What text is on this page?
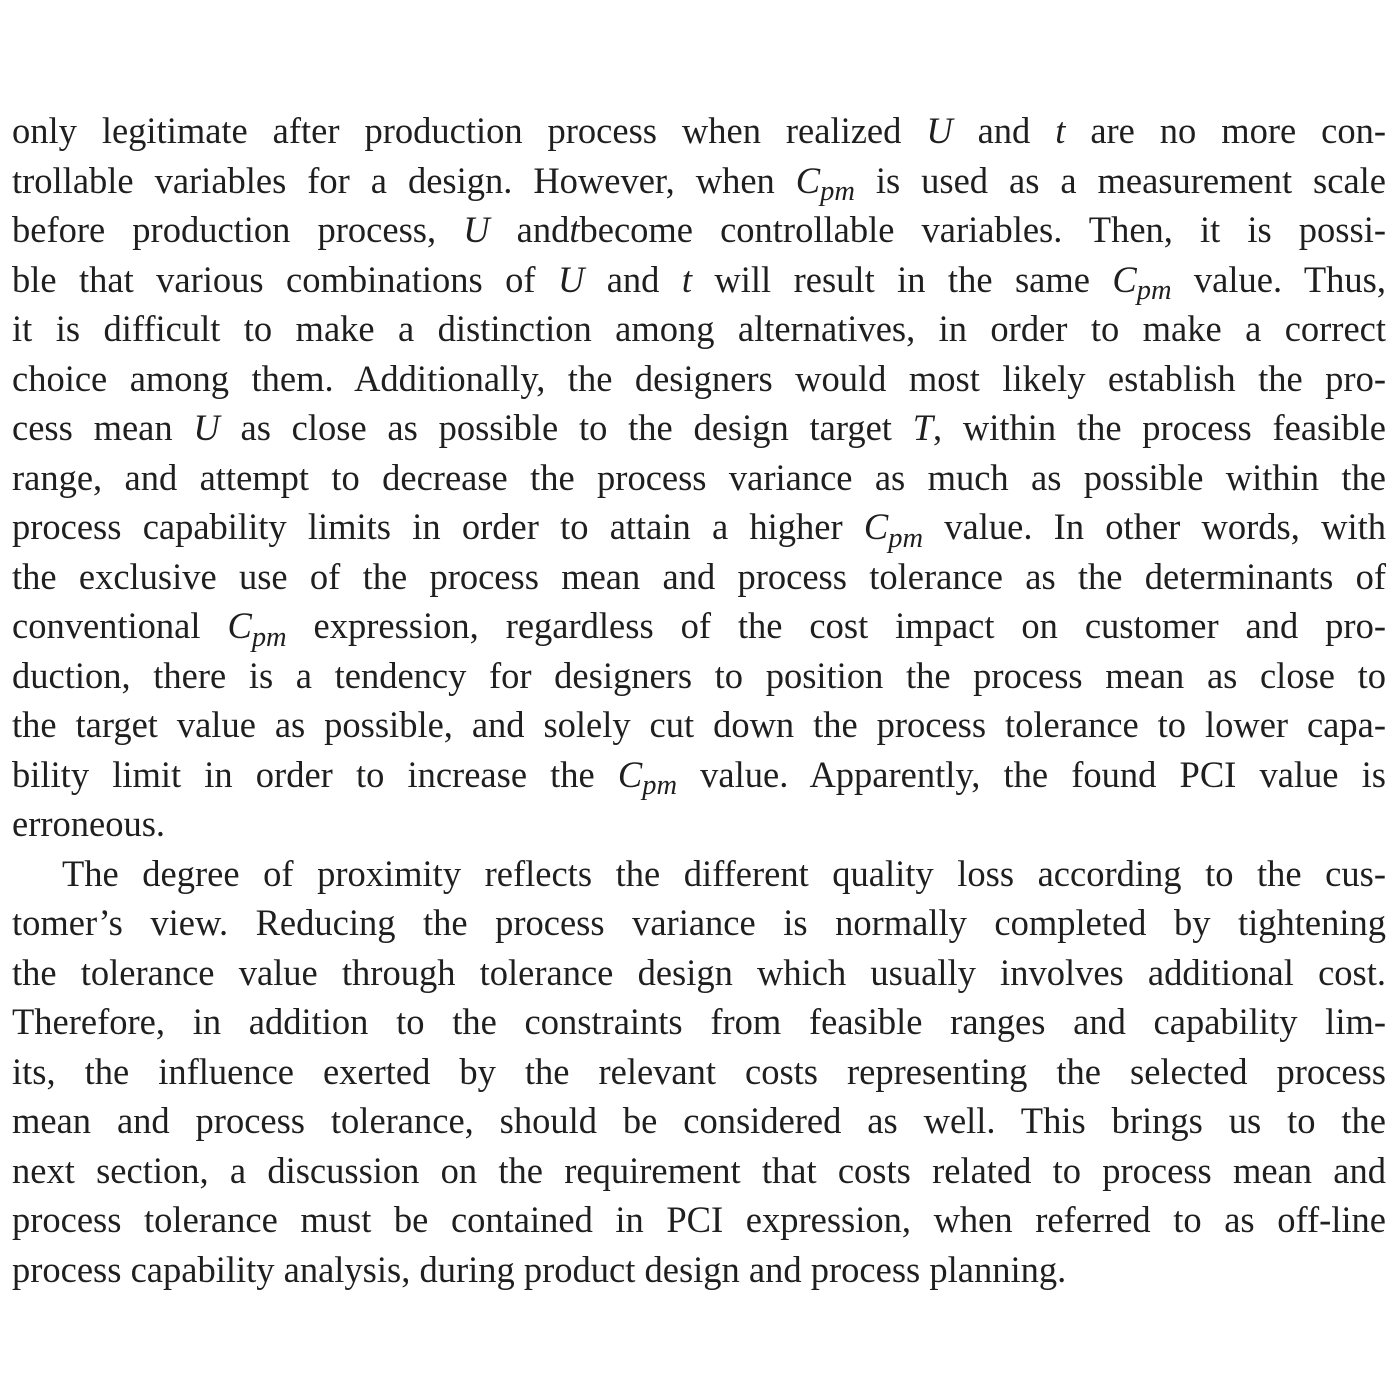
only legitimate after production process when realized U and t are no more con-
trollable variables for a design. However, when $C_{pm}$ is used as a measurement scale
before production process, U andtbecome controllable variables. Then, it is possi-
ble that various combinations of U and t will result in the same $C_{pm}$ value. Thus,
it is difficult to make a distinction among alternatives, in order to make a correct
choice among them. Additionally, the designers would most likely establish the pro-
cess mean U as close as possible to the design target T, within the process feasible
range, and attempt to decrease the process variance as much as possible within the
process capability limits in order to attain a higher $C_{pm}$ value. In other words, with
the exclusive use of the process mean and process tolerance as the determinants of
conventional $C_{pm}$ expression, regardless of the cost impact on customer and pro-
duction, there is a tendency for designers to position the process mean as close to
the target value as possible, and solely cut down the process tolerance to lower capa-
bility limit in order to increase the $C_{pm}$ value. Apparently, the found PCI value is
erroneous.
The degree of proximity reflects the different quality loss according to the cus-
tomer’s view. Reducing the process variance is normally completed by tightening
the tolerance value through tolerance design which usually involves additional cost.
Therefore, in addition to the constraints from feasible ranges and capability lim-
its, the influence exerted by the relevant costs representing the selected process
mean and process tolerance, should be considered as well. This brings us to the
next section, a discussion on the requirement that costs related to process mean and
process tolerance must be contained in PCI expression, when referred to as off-line
process capability analysis, during product design and process planning.
